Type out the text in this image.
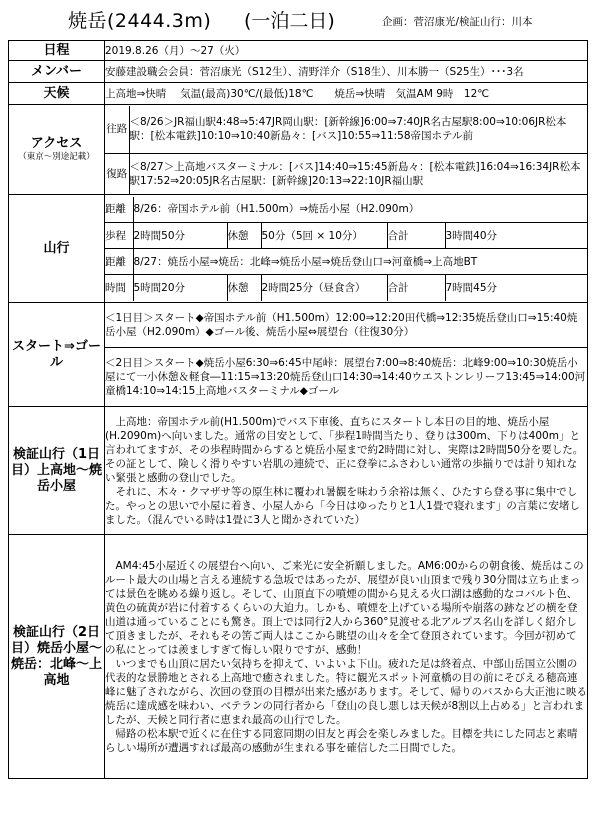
焼岳(2444.3m) (一泊二日)	企画：菅沼康光/検証山行：川本
日程	2019.8.26（月）～27（火）
メンバー	安藤建設職会会員：菅沼康光（S12生）、清野洋介（S18生）、川本勝一（S25生）･･･3名
天候	上高地⇒快晴　 気温(最高)30℃/(最低)18℃　　焼岳⇒快晴　気温AM 9時　12℃
アクセス
（東京～別途記載）

往路	＜8/26＞JR福山駅4:48⇒5:47JR岡山駅：[新幹線]6:00⇒7:40JR名古屋駅8:00⇒10:06JR松本駅：[松本電鉄]10:10⇒10:40新島々：[バス]10:55⇒11:58帝国ホテル前
復路	＜8/27＞上高地バスターミナル：[バス]14:40⇒15:45新島々：[松本電鉄]16:04⇒16:34JR松本駅17:52⇒20:05JR名古屋駅：[新幹線]20:13⇒22:10JR福山駅

山行	
距離	8/26：帝国ホテル前（H1.500m）⇒焼岳小屋（H2.090m）
歩程	2時間50分	休憩	50分（5回 × 10分）	合計	3時間40分
距離	8/27：焼岳小屋⇒焼岳：北峰⇒焼岳小屋⇒焼岳登山口⇒河童橋⇒上高地BT
時間	5時間20分	休憩	2時間25分（昼食含）	合計	7時間45分

スタート⇒ゴール	
＜1日目＞スタート◆帝国ホテル前（H1.500m）12:00⇒12:20田代橋⇒12:35焼岳登山口⇒15:40焼岳小屋（H2.090m）◆ゴール後、焼岳小屋⇔展望台（往復30分）
＜2日目＞スタート◆焼岳小屋6:30⇒6:45中尾峠：展望台7:00⇒8:40焼岳：北峰9:00⇒10:30焼岳小屋にて一小休憩＆軽食―11:15⇒13:20焼岳登山口14:30⇒14:40ウエストンレリーフ13:45⇒14:00河童橋14:10⇒14:15上高地バスターミナル◆ゴール

検証山行（1日目）上高地～焼岳小屋	

上高地：帝国ホテル前(H1.500m)でバス下車後、直ちにスタートし本日の目的地、焼岳小屋(H.2090m)へ向いました。通常の目安として、「歩程1時間当たり、登りは300m、下りは400m」と言われてますが、その歩程時間からすると焼岳小屋まで約2時間に対し、実際は2時間50分を要した。その証として、険しく滑りやすい岩肌の連続で、正に登拳にふさわしい通常の歩揃りでは計り知れない緊張と感動の登山でした。

それに、木々・クマザサ等の原生林に覆われ暑観を味わう余裕は無く、ひたすら登る事に集中でした。やっとの思いで小屋に着き、小屋人から「今日はゆったりと1人1畳で寝れます」の言葉に安堵しました。（混んでいる時は1畳に3人と聞かされていた）

検証山行（2日目）焼岳小屋～焼岳：北峰～上高地	

AM4:45小屋近くの展望台へ向い、ご来光に安全祈願しました。AM6:00からの朝食後、焼岳はこのルート最大の山場と言える連続する急坂ではあったが、展望が良い山頂まで残り30分間は立ち止まっては景色を眺める繰り返し。そして、山頂直下の噴煙の間から見える火口湖は感動的なコバルト色、黄色の硫黄が岩に付着するくらいの大迫力。しかも、噴煙を上げている場所や崩落の跡などの横を登山道は通っていることにも驚き。頂上では同行2人から360°見渡せる北アルプス名山を詳しく紹介して頂きましたが、それもその筈ご両人はここから眺望の山々を全て登頂されています。今回が初めての私にとっては羨ましすぎて悔しい限りですが、感動！

いつまでも山頂に居たい気持ちを抑えて、いよいよ下山。疲れた足は終着点、中部山岳国立公園の代表的な景勝地とされる上高地で癒されました。特に観光スポット河童橋の目の前にそびえる穂高連峰に魅了されながら、次回の登頂の目標が出来た感があります。そして、帰りのバスから大正池に映る焼岳に達成感を味わい、ベテランの同行者から「登山の良し悪しは天候が8割以上占める」と言われましたが、天候と同行者に恵まれ最高の山行でした。

帰路の松本駅で近くに在住する同窓同期の旧友と再会を楽しみました。目標を共にした同志と素晴らしい場所が遭遇すれば最高の感動が生まれる事を確信した二日間でした。
